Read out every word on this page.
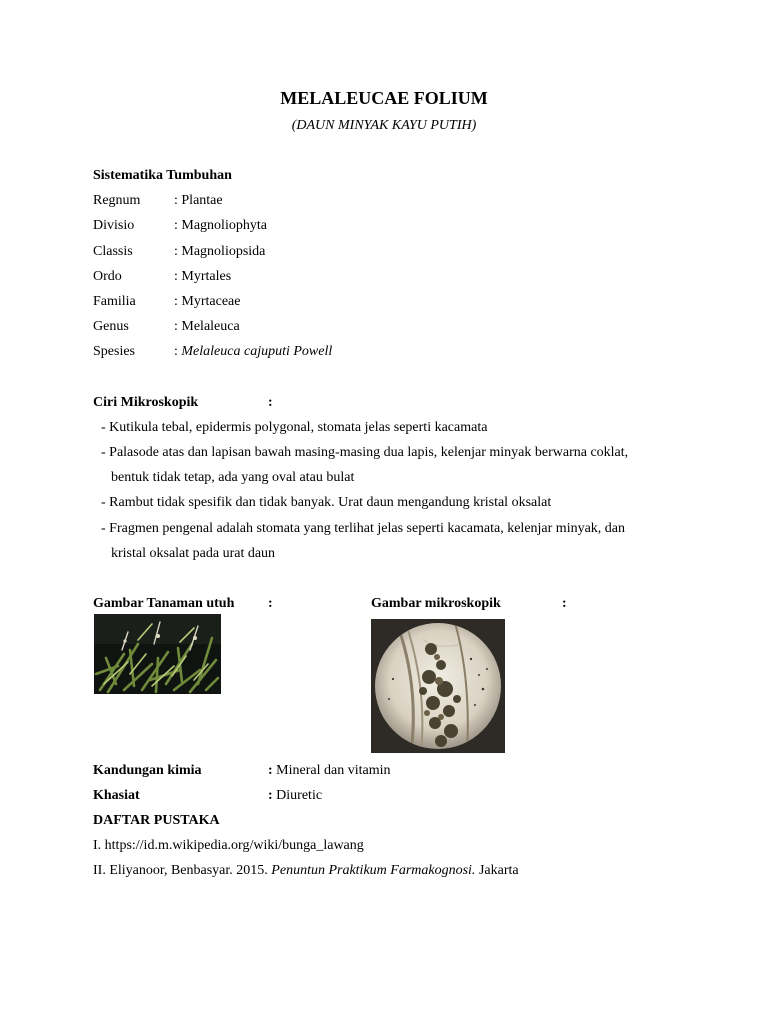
MELALEUCAE FOLIUM
(DAUN MINYAK KAYU PUTIH)
Sistematika Tumbuhan
Regnum : Plantae
Divisio	: Magnoliophyta
Classis	: Magnoliopsida
Ordo	: Myrtales
Familia	: Myrtaceae
Genus	: Melaleuca
Spesies	: Melaleuca cajuputi Powell
Ciri Mikroskopik	:
- Kutikula tebal, epidermis polygonal, stomata jelas seperti kacamata
- Palasode atas dan lapisan bawah masing-masing dua lapis, kelenjar minyak berwarna coklat,
bentuk tidak tetap, ada yang oval atau bulat
- Rambut tidak spesifik dan tidak banyak. Urat daun mengandung kristal oksalat
- Fragmen pengenal adalah stomata yang terlihat jelas seperti kacamata, kelenjar minyak, dan
kristal oksalat pada urat daun
Gambar Tanaman utuh :	Gambar mikroskopik	:
Kandungan kimia	: Mineral dan vitamin
Khasiat	: Diuretic
DAFTAR PUSTAKA
I. https://id.m.wikipedia.org/wiki/bunga_lawang
II. Eliyanoor, Benbasyar. 2015. Penuntun Praktikum Farmakognosi. Jakarta
